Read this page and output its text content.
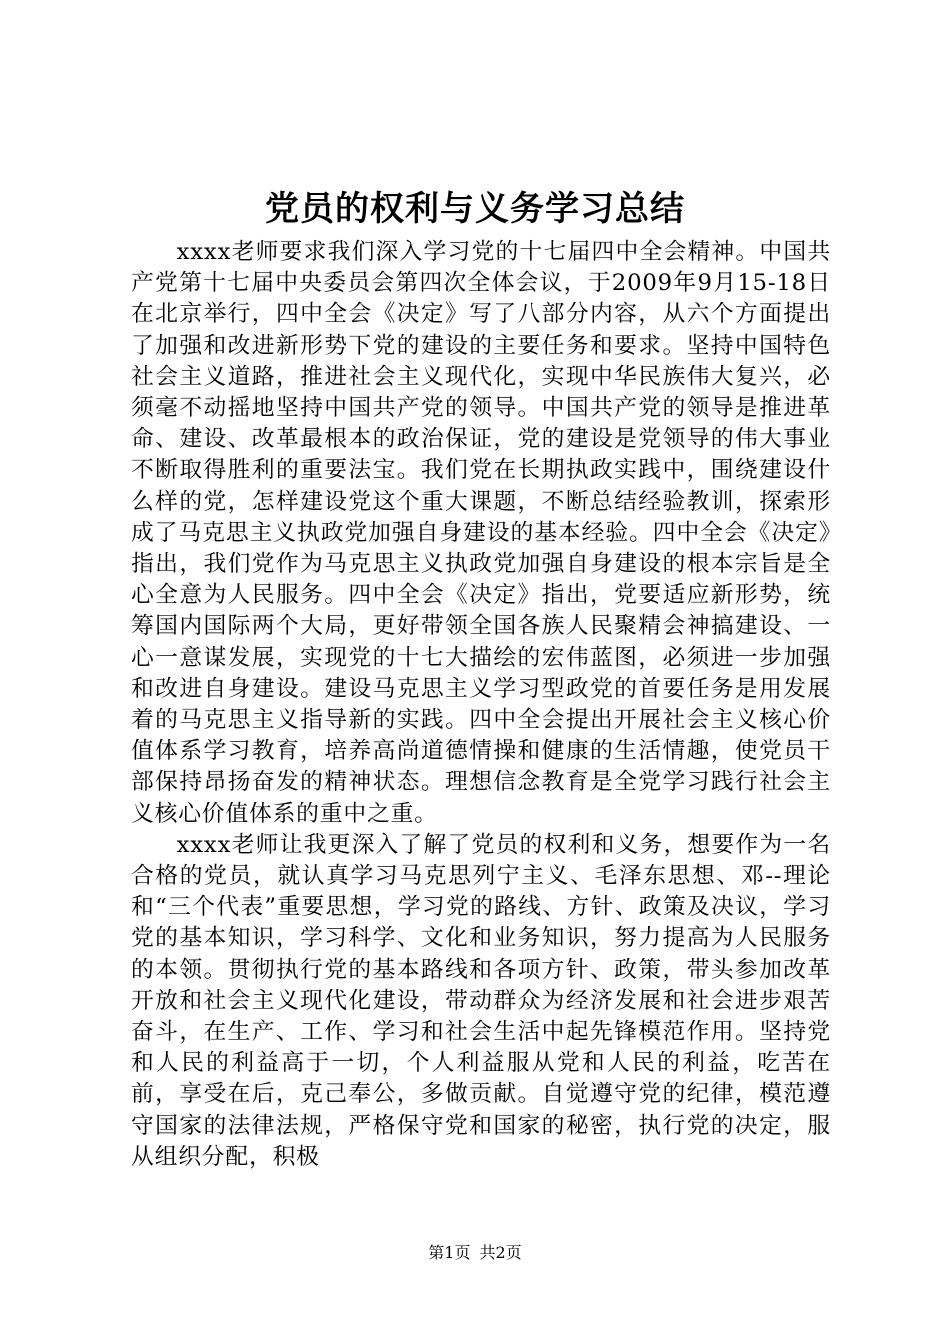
党员的权利与义务学习总结

xxxx老师要求我们深入学习党的十七届四中全会精神。中国共产党第十七届中央委员会第四次全体会议，于2009年9月15-18日在北京举行，四中全会《决定》写了八部分内容，从六个方面提出了加强和改进新形势下党的建设的主要任务和要求。坚持中国特色社会主义道路，推进社会主义现代化，实现中华民族伟大复兴，必须毫不动摇地坚持中国共产党的领导。中国共产党的领导是推进革命、建设、改革最根本的政治保证，党的建设是党领导的伟大事业不断取得胜利的重要法宝。我们党在长期执政实践中，围绕建设什么样的党，怎样建设党这个重大课题，不断总结经验教训，探索形成了马克思主义执政党加强自身建设的基本经验。四中全会《决定》指出，我们党作为马克思主义执政党加强自身建设的根本宗旨是全心全意为人民服务。四中全会《决定》指出，党要适应新形势，统筹国内国际两个大局，更好带领全国各族人民聚精会神搞建设、一心一意谋发展，实现党的十七大描绘的宏伟蓝图，必须进一步加强和改进自身建设。建设马克思主义学习型政党的首要任务是用发展着的马克思主义指导新的实践。四中全会提出开展社会主义核心价值体系学习教育，培养高尚道德情操和健康的生活情趣，使党员干部保持昂扬奋发的精神状态。理想信念教育是全党学习践行社会主义核心价值体系的重中之重。

xxxx老师让我更深入了解了党员的权利和义务，想要作为一名合格的党员，就认真学习马克思列宁主义、毛泽东思想、邓--理论和“三个代表”重要思想，学习党的路线、方针、政策及决议，学习党的基本知识，学习科学、文化和业务知识，努力提高为人民服务的本领。贯彻执行党的基本路线和各项方针、政策，带头参加改革开放和社会主义现代化建设，带动群众为经济发展和社会进步艰苦奋斗，在生产、工作、学习和社会生活中起先锋模范作用。坚持党和人民的利益高于一切，个人利益服从党和人民的利益，吃苦在前，享受在后，克己奉公，多做贡献。自觉遵守党的纪律，模范遵守国家的法律法规，严格保守党和国家的秘密，执行党的决定，服从组织分配，积极

第1页 共2页
